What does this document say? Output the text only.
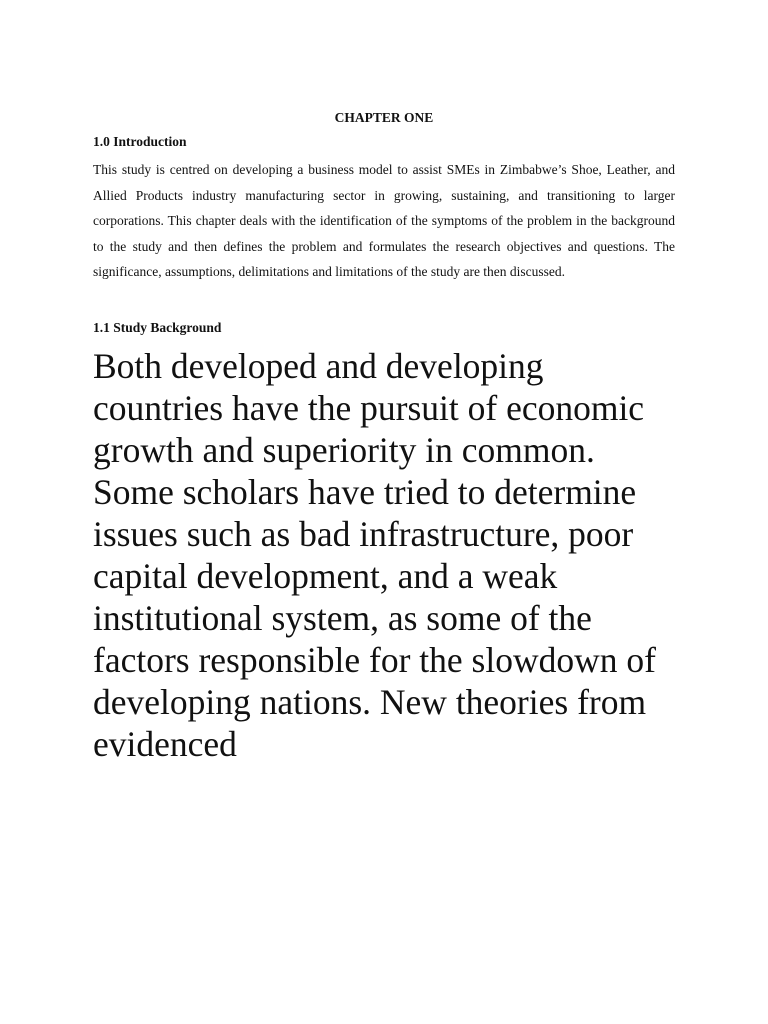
CHAPTER ONE
1.0 Introduction

This study is centred on developing a business model to assist SMEs in Zimbabwe’s Shoe, Leather, and Allied Products industry manufacturing sector in growing, sustaining, and transitioning to larger corporations. This chapter deals with the identification of the symptoms of the problem in the background to the study and then defines the problem and formulates the research objectives and questions. The significance, assumptions, delimitations and limitations of the study are then discussed.

1.1 Study Background

Both developed and developing countries have the pursuit of economic growth and superiority in common. Some scholars have tried to determine issues such as bad infrastructure, poor capital development, and a weak institutional system, as some of the factors responsible for the slowdown of developing nations. New theories from evidenced
